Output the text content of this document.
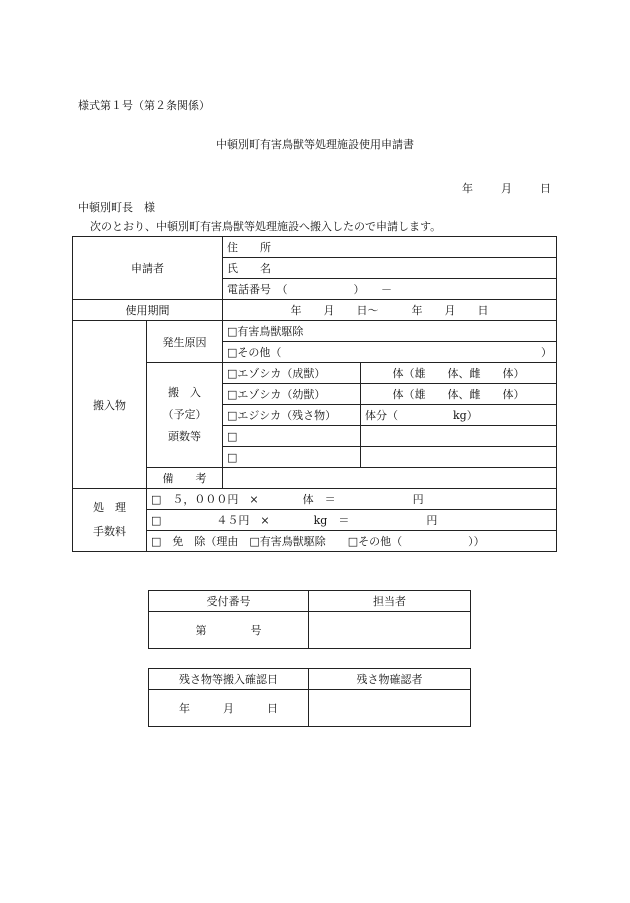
様式第１号（第２条関係）
中頓別町有害鳥獣等処理施設使用申請書
年	月	日
中頓別町長　様
次のとおり、中頓別町有害鳥獣等処理施設へ搬入したので申請します。
申請者		住　　所	
		氏　　名	
		電話番号　（　　　　　　）　　－	
使用期間		年　　月　　日～　　　年　　月　　日	
搬入物	発生原因	□有害鳥獣駆除	

		□その他（ ）	

	搬　入
（予定）
頭数等	□エゾシカ（成獣）	体（雄　　体、雌　　体）
		□エゾシカ（幼獣）	体（雄　　体、雌　　体）
		□エジシカ（残さ物）	体分（　　　　　kg）
		□	
		□	
	備　　考		

処　理
手数料	□　５，０００円　×　　　　体　＝　　　　　　　円		
	□　　　　　４５円　×　　　　kg　＝　　　　　　　円		
	□　免　除（理由　□有害鳥獣駆除　　□その他（　　　　　　））		
受付番号	担当者
第　　　　号	
残さ物等搬入確認日	残さ物確認者
年　　　月　　　日	
